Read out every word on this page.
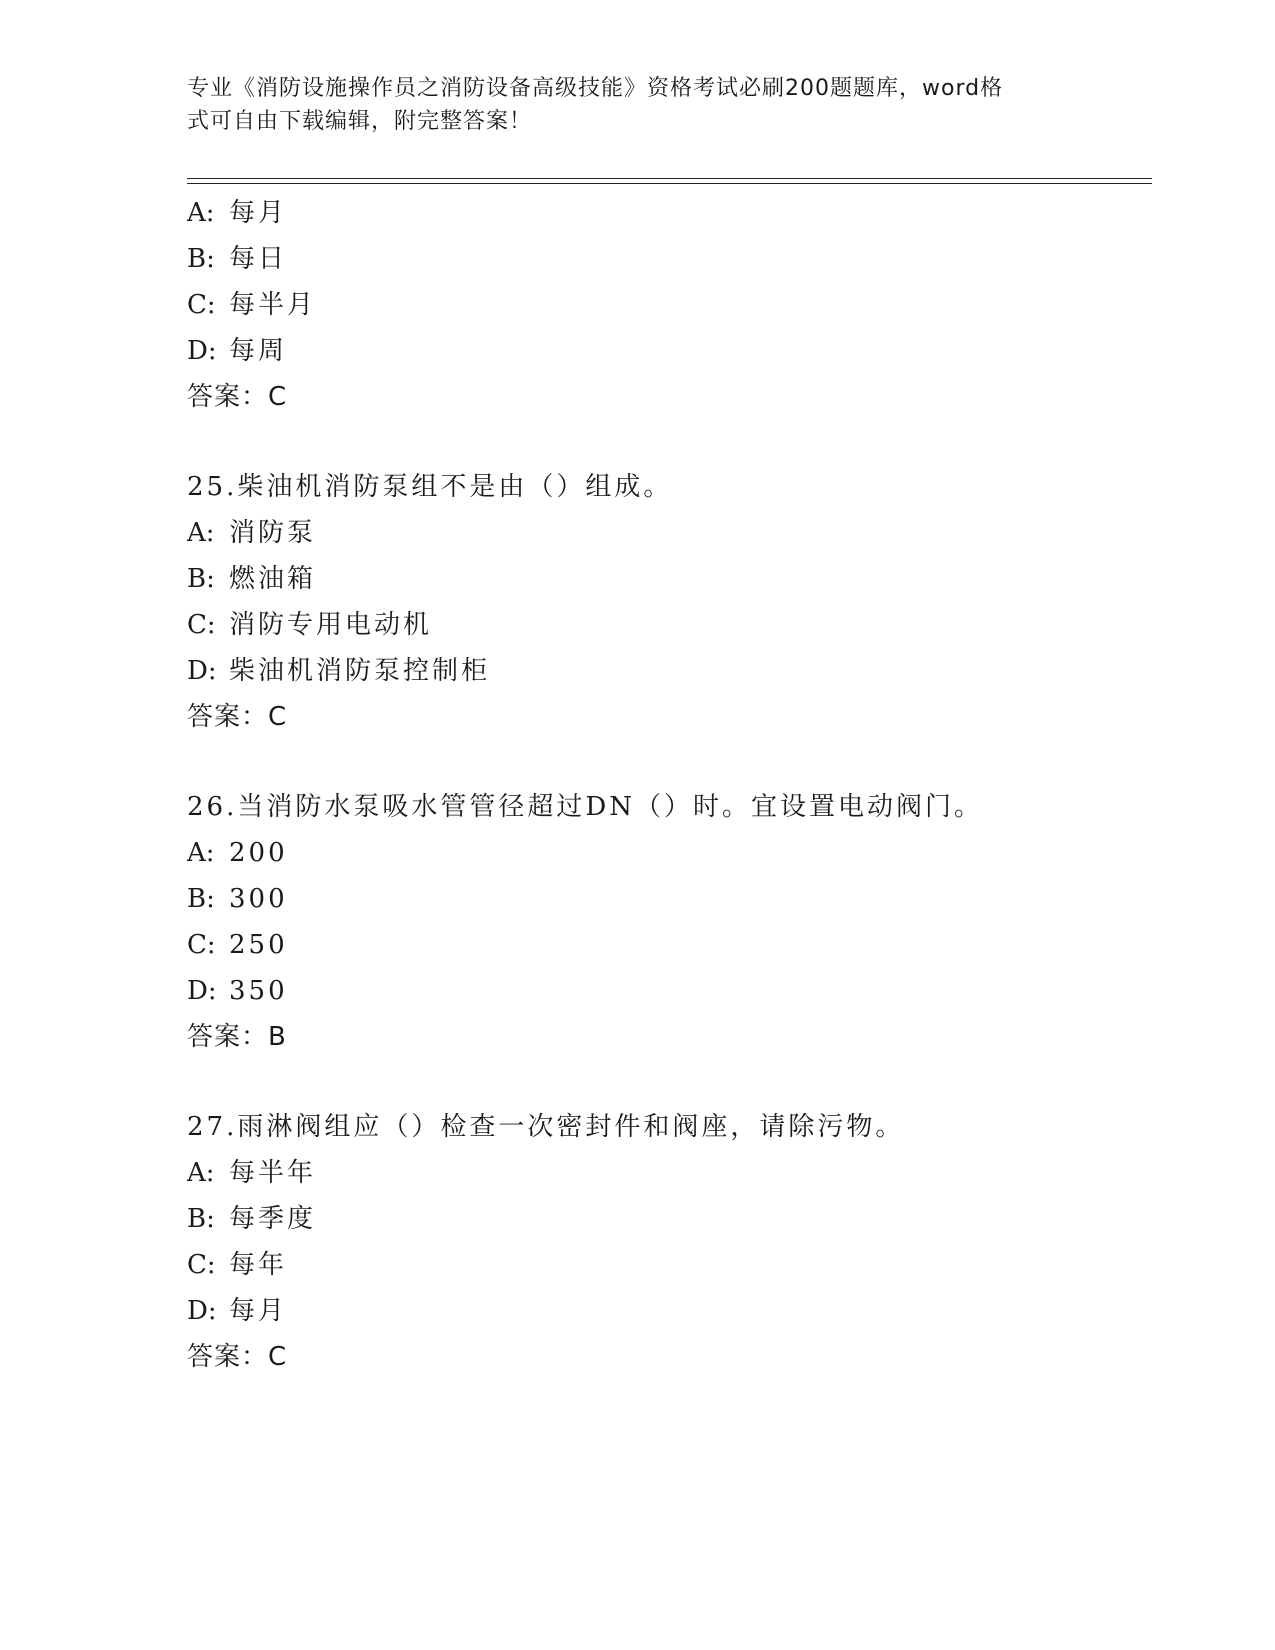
专业《消防设施操作员之消防设备高级技能》资格考试必刷200题题库，word格
式可自由下载编辑，附完整答案！
A: 每月
B: 每日
C: 每半月
D: 每周
答案：C
25.柴油机消防泵组不是由（）组成。
A: 消防泵
B: 燃油箱
C: 消防专用电动机
D: 柴油机消防泵控制柜
答案：C
26.当消防水泵吸水管管径超过DN（）时。宜设置电动阀门。
A: 200
B: 300
C: 250
D: 350
答案：B
27.雨淋阀组应（）检查一次密封件和阀座，请除污物。
A: 每半年
B: 每季度
C: 每年
D: 每月
答案：C
